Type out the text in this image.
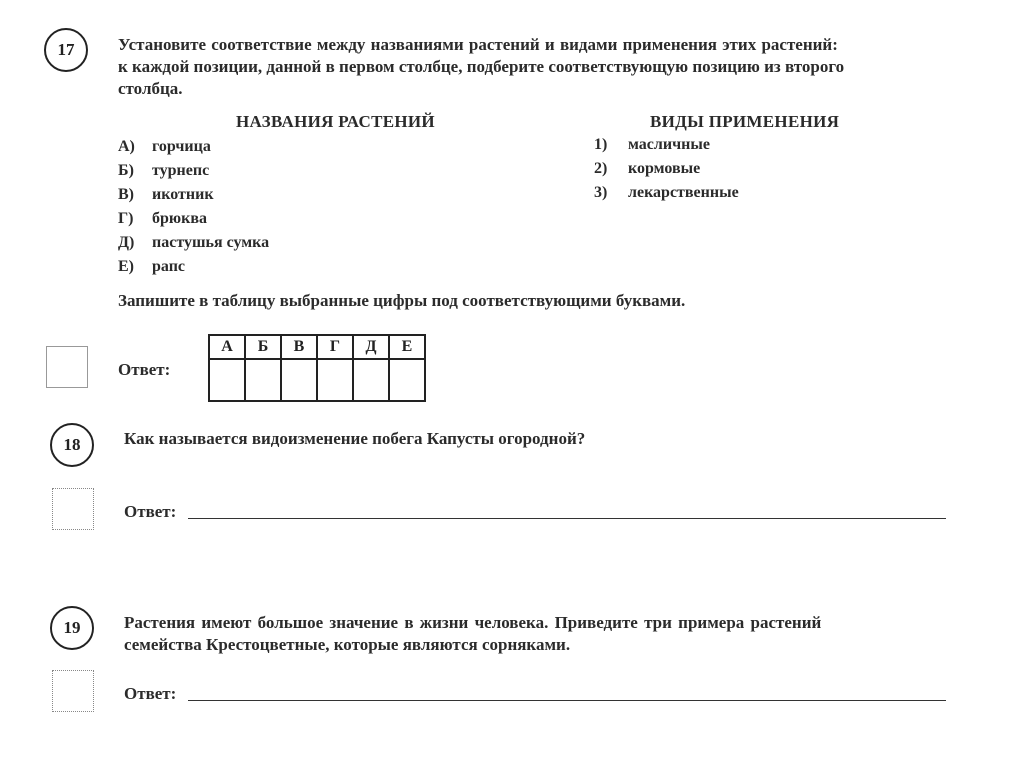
17	Установите соответствие между названиями растений и видами применения этих растений:
к каждой позиции, данной в первом столбце, подберите соответствующую позицию из второго
столбца.
НАЗВАНИЯ РАСТЕНИЙ	ВИДЫ ПРИМЕНЕНИЯ
А) горчица
Б) турнепс
В) икотник
Г) брюква
Д) пастушья сумка
Е) рапс
1) масличные
2) кормовые
3) лекарственные
Запишите в таблицу выбранные цифры под соответствующими буквами.
Ответ:
А	Б	В	Г	Д	Е

18	Как называется видоизменение побега Капусты огородной?
Ответ:
19	Растения имеют большое значение в жизни человека. Приведите три примера растений
семейства Крестоцветные, которые являются сорняками.
Ответ:
